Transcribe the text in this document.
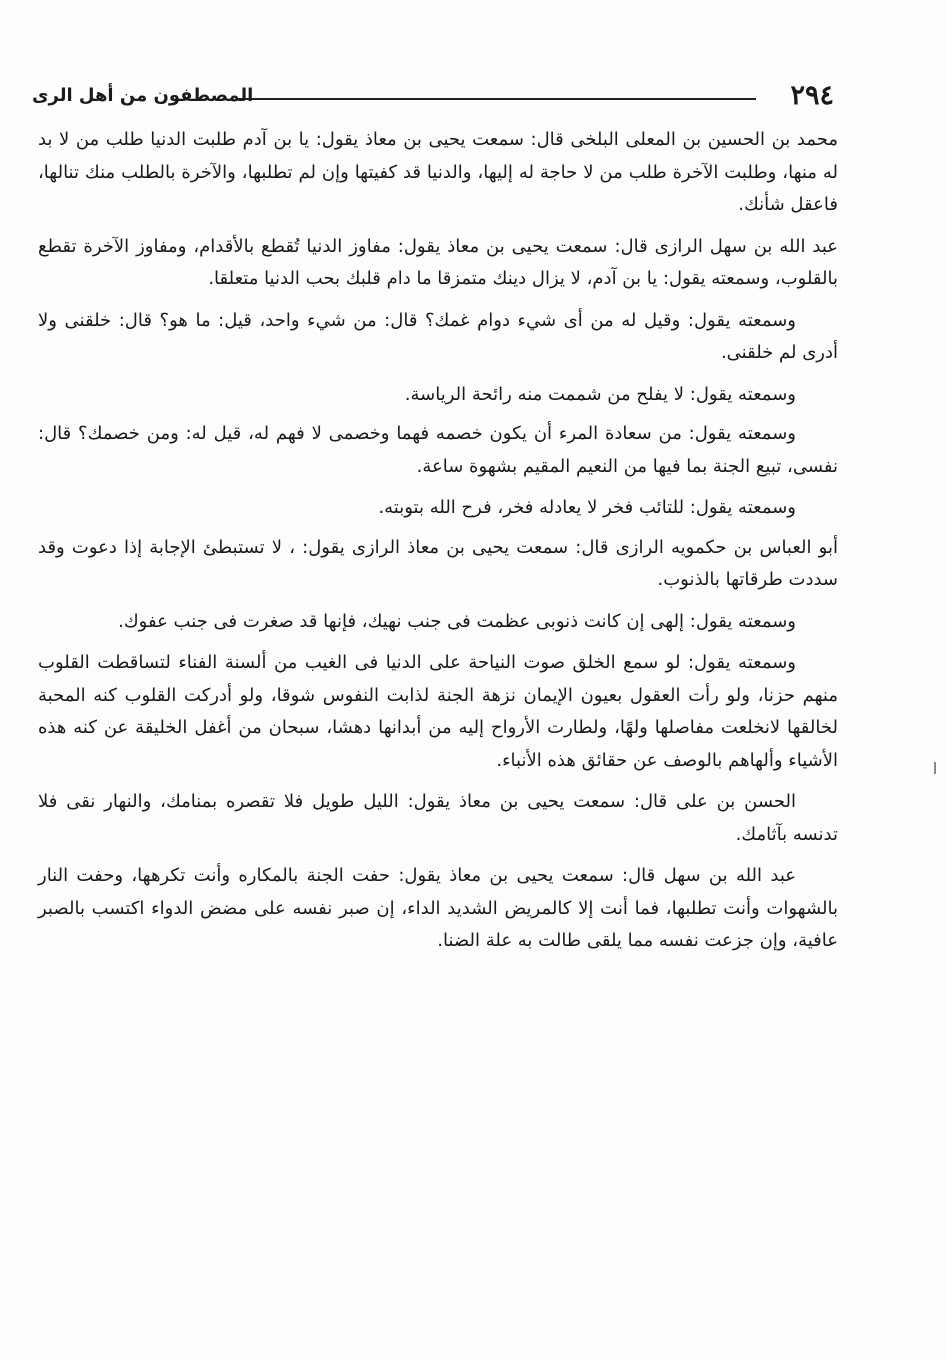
٢٩٤
المصطفون من أهل الرى

محمد بن الحسين بن المعلى البلخى قال: سمعت يحيى بن معاذ يقول: يا بن آدم طلبت الدنيا طلب من لا بد له منها، وطلبت الآخرة طلب من لا حاجة له إليها، والدنيا قد كفيتها وإن لم تطلبها، والآخرة بالطلب منك تنالها، فاعقل شأنك.

عبد الله بن سهل الرازى قال: سمعت يحيى بن معاذ يقول: مفاوز الدنيا تُقطع بالأقدام، ومفاوز الآخرة تقطع بالقلوب، وسمعته يقول: يا بن آدم، لا يزال دينك متمزقا ما دام قلبك بحب الدنيا متعلقا.

وسمعته يقول: وقيل له من أى شيء دوام غمك؟ قال: من شيء واحد، قيل: ما هو؟ قال: خلقنى ولا أدرى لم خلقنى.

وسمعته يقول: لا يفلح من شممت منه رائحة الرياسة.

وسمعته يقول: من سعادة المرء أن يكون خصمه فهما وخصمى لا فهم له، قيل له: ومن خصمك؟ قال: نفسى، تبيع الجنة بما فيها من النعيم المقيم بشهوة ساعة.

وسمعته يقول: للتائب فخر لا يعادله فخر، فرح الله بتوبته.

أبو العباس بن حكمويه الرازى قال: سمعت يحيى بن معاذ الرازى يقول: ، لا تستبطئ الإجابة إذا دعوت وقد سددت طرقاتها بالذنوب.

وسمعته يقول: إلهى إن كانت ذنوبى عظمت فى جنب نهيك، فإنها قد صغرت فى جنب عفوك.

وسمعته يقول: لو سمع الخلق صوت النياحة على الدنيا فى الغيب من ألسنة الفناء لتساقطت القلوب منهم حزنا، ولو رأت العقول بعيون الإيمان نزهة الجنة لذابت النفوس شوقا، ولو أدركت القلوب كنه المحبة لخالقها لانخلعت مفاصلها ولهًا، ولطارت الأرواح إليه من أبدانها دهشا، سبحان من أغفل الخليقة عن كنه هذه الأشياء وألهاهم بالوصف عن حقائق هذه الأنباء.

الحسن بن على قال: سمعت يحيى بن معاذ يقول: الليل طويل فلا تقصره بمنامك، والنهار نقى فلا تدنسه بآثامك.

عبد الله بن سهل قال: سمعت يحيى بن معاذ يقول: حفت الجنة بالمكاره وأنت تكرهها، وحفت النار بالشهوات وأنت تطلبها، فما أنت إلا كالمريض الشديد الداء، إن صبر نفسه على مضض الدواء اكتسب بالصبر عافية، وإن جزعت نفسه مما يلقى طالت به علة الضنا.
